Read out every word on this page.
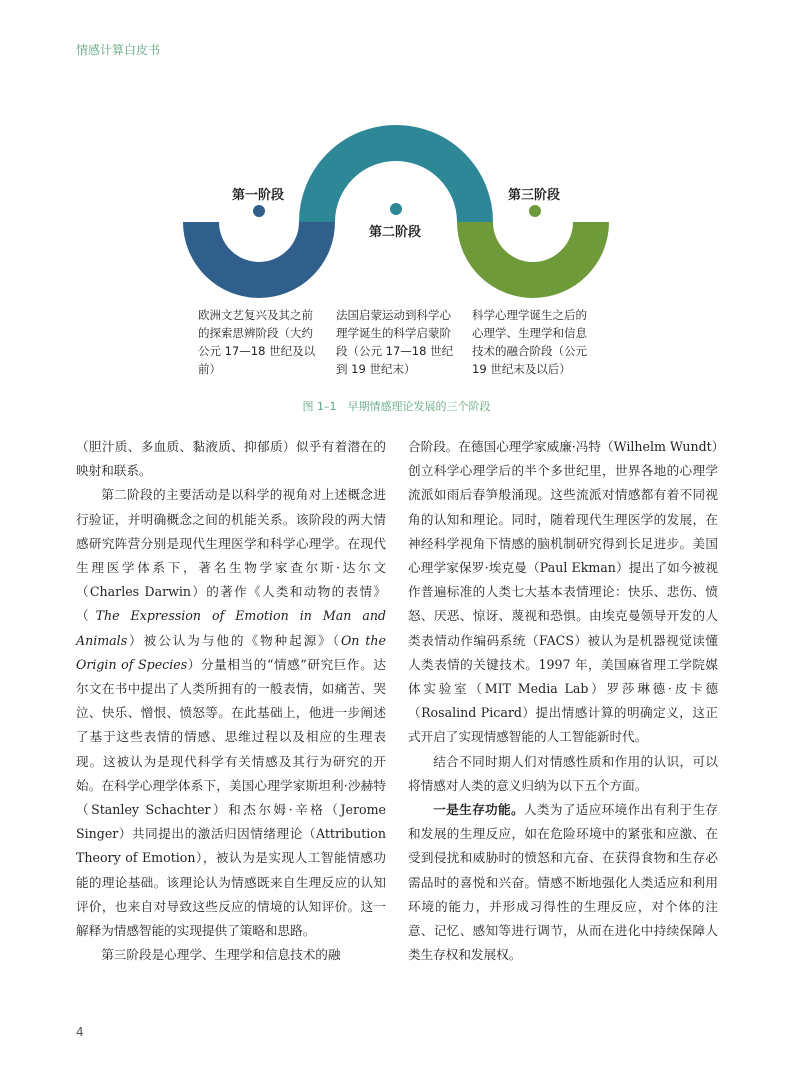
情感计算白皮书
第一阶段
第二阶段
第三阶段
欧洲文艺复兴及其之前的探索思辨阶段（大约公元 17—18 世纪及以前）
法国启蒙运动到科学心理学诞生的科学启蒙阶段（公元 17—18 世纪到 19 世纪末）
科学心理学诞生之后的心理学、生理学和信息技术的融合阶段（公元 19 世纪末及以后）
图 1–1　早期情感理论发展的三个阶段

（胆汁质、多血质、黏液质、抑郁质）似乎有着潜在的映射和联系。

第二阶段的主要活动是以科学的视角对上述概念进行验证，并明确概念之间的机能关系。该阶段的两大情感研究阵营分别是现代生理医学和科学心理学。在现代生理医学体系下，著名生物学家查尔斯·达尔文（Charles Darwin）的著作《人类和动物的表情》（The Expression of Emotion in Man and Animals）被公认为与他的《物种起源》（On the Origin of Species）分量相当的“情感”研究巨作。达尔文在书中提出了人类所拥有的一般表情，如痛苦、哭泣、快乐、憎恨、愤怒等。在此基础上，他进一步阐述了基于这些表情的情感、思维过程以及相应的生理表现。这被认为是现代科学有关情感及其行为研究的开始。在科学心理学体系下，美国心理学家斯坦利·沙赫特（Stanley Schachter）和杰尔姆·辛格（Jerome Singer）共同提出的激活归因情绪理论（Attribution Theory of Emotion），被认为是实现人工智能情感功能的理论基础。该理论认为情感既来自生理反应的认知评价，也来自对导致这些反应的情境的认知评价。这一解释为情感智能的实现提供了策略和思路。

第三阶段是心理学、生理学和信息技术的融

合阶段。在德国心理学家威廉·冯特（Wilhelm Wundt）创立科学心理学后的半个多世纪里，世界各地的心理学流派如雨后春笋般涌现。这些流派对情感都有着不同视角的认知和理论。同时，随着现代生理医学的发展，在神经科学视角下情感的脑机制研究得到长足进步。美国心理学家保罗·埃克曼（Paul Ekman）提出了如今被视作普遍标准的人类七大基本表情理论：快乐、悲伤、愤怒、厌恶、惊讶、蔑视和恐惧。由埃克曼领导开发的人类表情动作编码系统（FACS）被认为是机器视觉读懂人类表情的关键技术。1997 年，美国麻省理工学院媒体实验室（MIT Media Lab）罗莎琳德·皮卡德（Rosalind Picard）提出情感计算的明确定义，这正式开启了实现情感智能的人工智能新时代。

结合不同时期人们对情感性质和作用的认识，可以将情感对人类的意义归纳为以下五个方面。

一是生存功能。人类为了适应环境作出有利于生存和发展的生理反应，如在危险环境中的紧张和应激、在受到侵扰和威胁时的愤怒和亢奋、在获得食物和生存必需品时的喜悦和兴奋。情感不断地强化人类适应和利用环境的能力，并形成习得性的生理反应，对个体的注意、记忆、感知等进行调节，从而在进化中持续保障人类生存权和发展权。

4
